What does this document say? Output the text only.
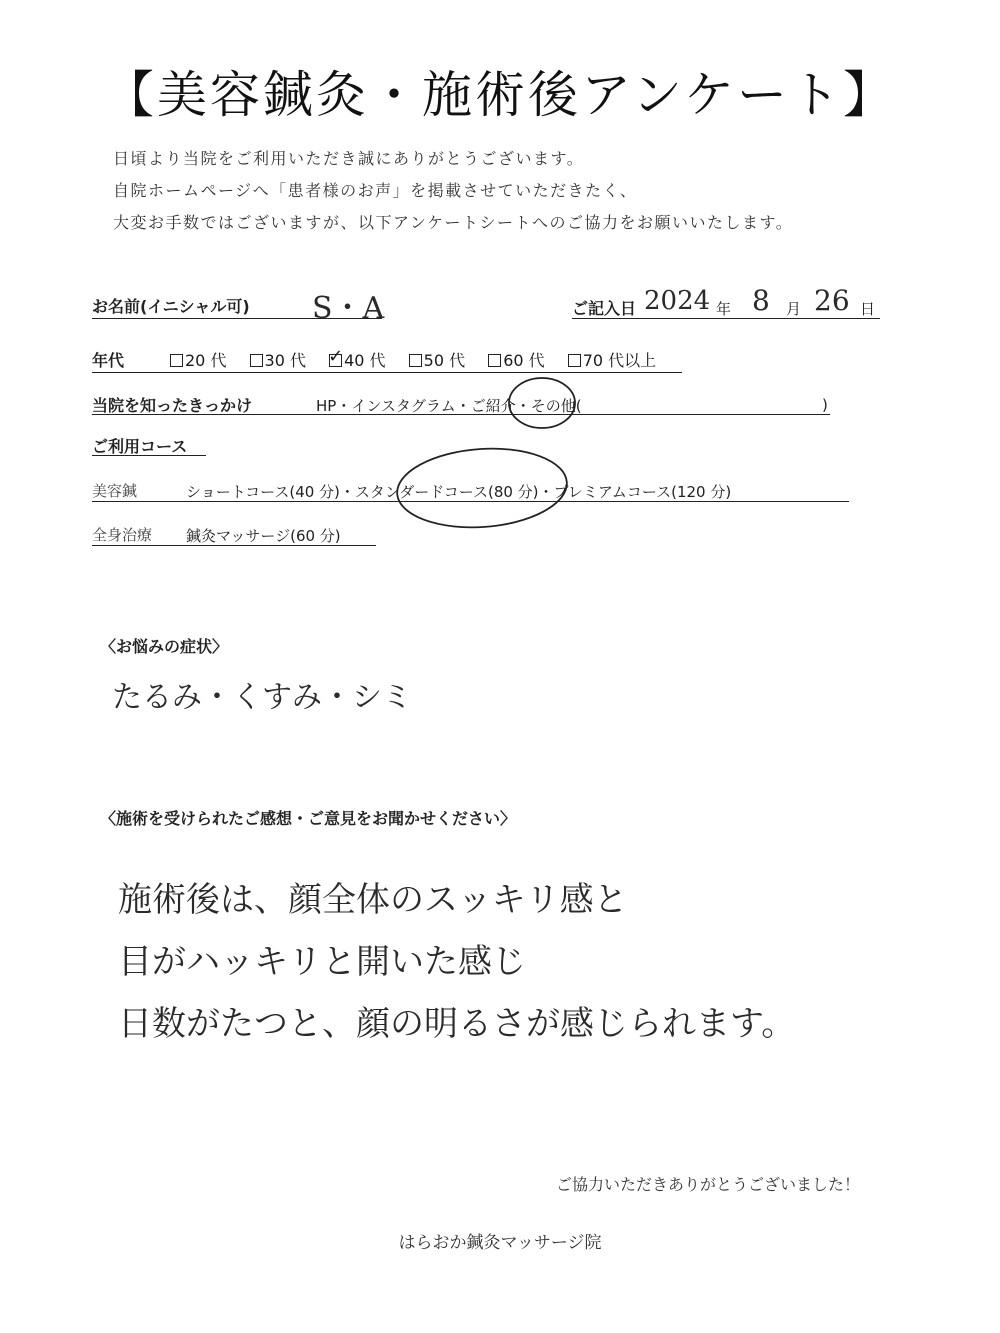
【美容鍼灸・施術後アンケート】
日頃より当院をご利用いただき誠にありがとうございます。
自院ホームページへ「患者様のお声」を掲載させていただきたく、
大変お手数ではございますが、以下アンケートシートへのご協力をお願いいたします。
お名前(イニシャル可) S・A	ご記入日 2024 年 8 月 26 日
年代	20 代 30 代 ✓ 40 代 50 代 60 代 70 代以上
当院を知ったきっかけ	HP・インスタグラム・ご紹介・その他(	)
ご利用コース
美容鍼	ショートコース(40 分)・スタンダードコース(80 分)・プレミアムコース(120 分)
全身治療 鍼灸マッサージ(60 分)
〈お悩みの症状〉
たるみ・くすみ・シミ
〈施術を受けられたご感想・ご意見をお聞かせください〉
施術後は、顔全体のスッキリ感と
目がハッキリと開いた感じ
日数がたつと、顔の明るさが感じられます。
ご協力いただきありがとうございました！
はらおか鍼灸マッサージ院
